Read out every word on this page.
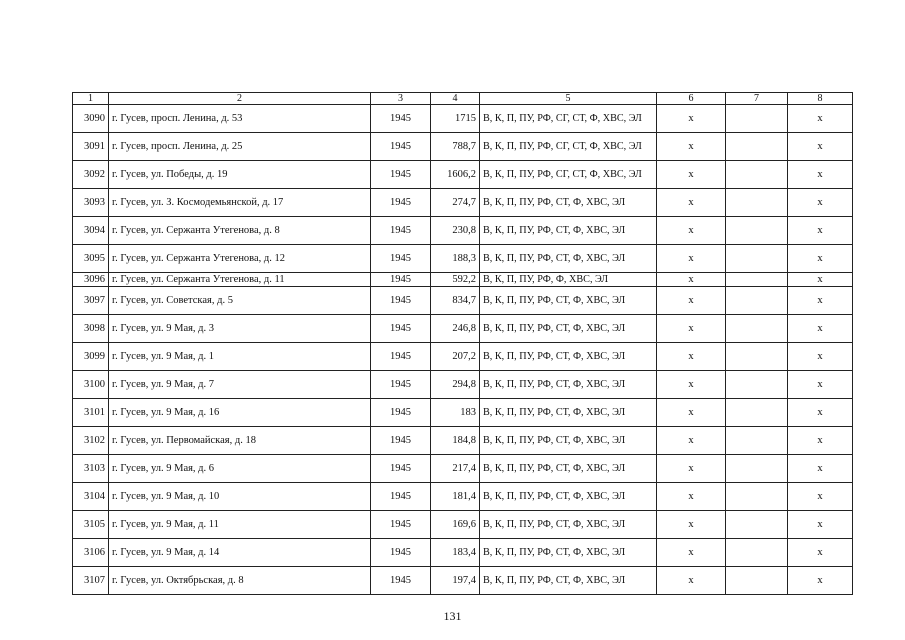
1	2	3	4	5	6	7	8
3090	г. Гусев, просп. Ленина, д. 53	1945	1715	В, К, П, ПУ, РФ, СГ, СТ, Ф, ХВС, ЭЛ	x		x
3091	г. Гусев, просп. Ленина, д. 25	1945	788,7	В, К, П, ПУ, РФ, СГ, СТ, Ф, ХВС, ЭЛ	x		x
3092	г. Гусев, ул. Победы, д. 19	1945	1606,2	В, К, П, ПУ, РФ, СГ, СТ, Ф, ХВС, ЭЛ	x		x
3093	г. Гусев, ул. З. Космодемьянской, д. 17	1945	274,7	В, К, П, ПУ, РФ, СТ, Ф, ХВС, ЭЛ	x		x
3094	г. Гусев, ул. Сержанта Утегенова, д. 8	1945	230,8	В, К, П, ПУ, РФ, СТ, Ф, ХВС, ЭЛ	x		x
3095	г. Гусев, ул. Сержанта Утегенова, д. 12	1945	188,3	В, К, П, ПУ, РФ, СТ, Ф, ХВС, ЭЛ	x		x
3096	г. Гусев, ул. Сержанта Утегенова, д. 11	1945	592,2	В, К, П, ПУ, РФ, Ф, ХВС, ЭЛ	x		x
3097	г. Гусев, ул. Советская, д. 5	1945	834,7	В, К, П, ПУ, РФ, СТ, Ф, ХВС, ЭЛ	x		x
3098	г. Гусев, ул. 9 Мая, д. 3	1945	246,8	В, К, П, ПУ, РФ, СТ, Ф, ХВС, ЭЛ	x		x
3099	г. Гусев, ул. 9 Мая, д. 1	1945	207,2	В, К, П, ПУ, РФ, СТ, Ф, ХВС, ЭЛ	x		x
3100	г. Гусев, ул. 9 Мая, д. 7	1945	294,8	В, К, П, ПУ, РФ, СТ, Ф, ХВС, ЭЛ	x		x
3101	г. Гусев, ул. 9 Мая, д. 16	1945	183	В, К, П, ПУ, РФ, СТ, Ф, ХВС, ЭЛ	x		x
3102	г. Гусев, ул. Первомайская, д. 18	1945	184,8	В, К, П, ПУ, РФ, СТ, Ф, ХВС, ЭЛ	x		x
3103	г. Гусев, ул. 9 Мая, д. 6	1945	217,4	В, К, П, ПУ, РФ, СТ, Ф, ХВС, ЭЛ	x		x
3104	г. Гусев, ул. 9 Мая, д. 10	1945	181,4	В, К, П, ПУ, РФ, СТ, Ф, ХВС, ЭЛ	x		x
3105	г. Гусев, ул. 9 Мая, д. 11	1945	169,6	В, К, П, ПУ, РФ, СТ, Ф, ХВС, ЭЛ	x		x
3106	г. Гусев, ул. 9 Мая, д. 14	1945	183,4	В, К, П, ПУ, РФ, СТ, Ф, ХВС, ЭЛ	x		x
3107	г. Гусев, ул. Октябрьская, д. 8	1945	197,4	В, К, П, ПУ, РФ, СТ, Ф, ХВС, ЭЛ	x		x
131
